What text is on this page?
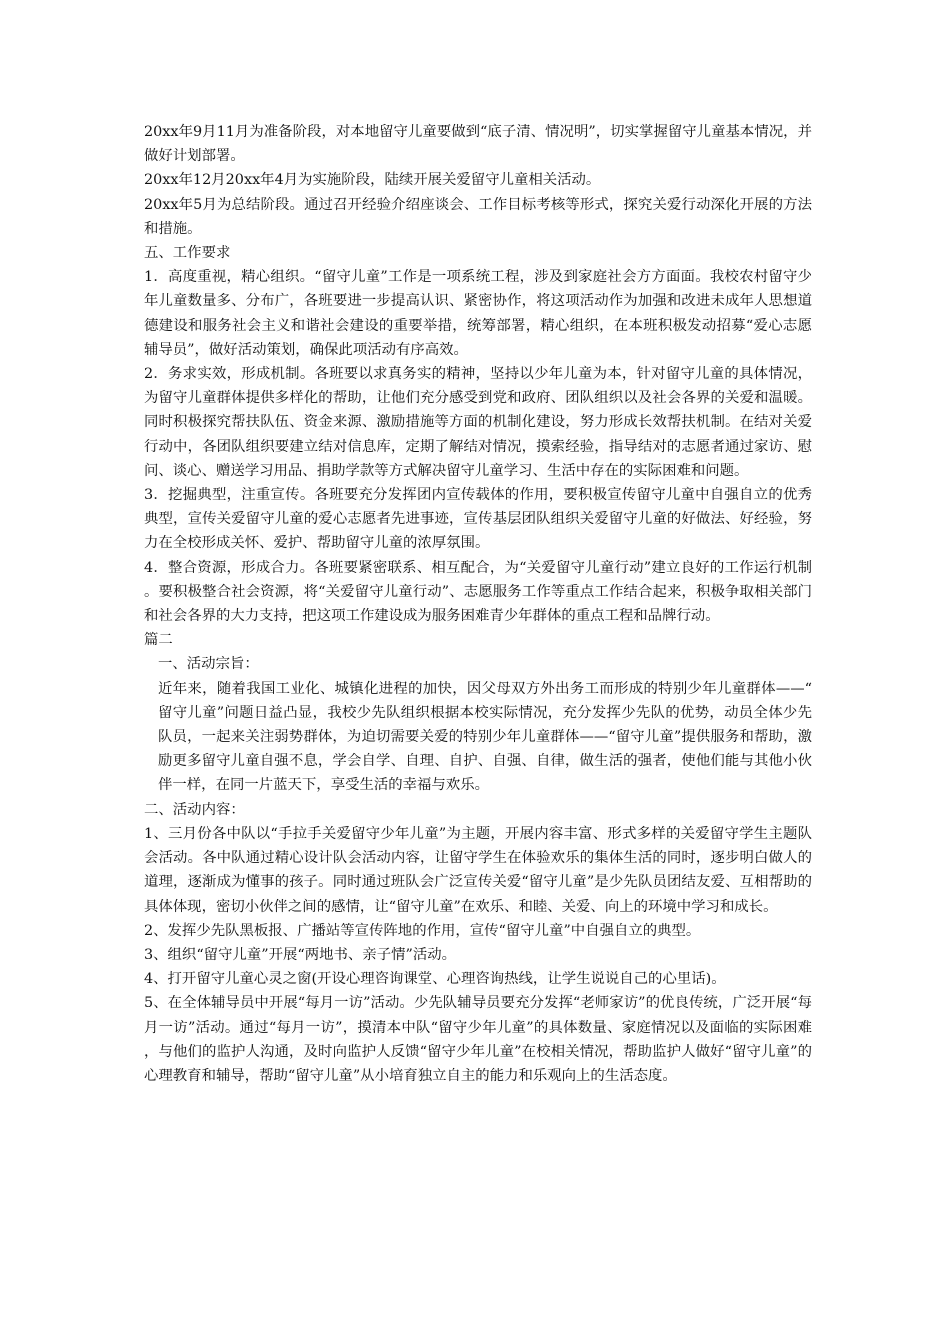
20xx年9月11月为准备阶段，对本地留守儿童要做到“底子清、情况明”，切实掌握留守儿童基本情况，并做好计划部署。

20xx年12月20xx年4月为实施阶段，陆续开展关爱留守儿童相关活动。

20xx年5月为总结阶段。通过召开经验介绍座谈会、工作目标考核等形式，探究关爱行动深化开展的方法和措施。

五、工作要求

1．高度重视，精心组织。“留守儿童”工作是一项系统工程，涉及到家庭社会方方面面。我校农村留守少年儿童数量多、分布广，各班要进一步提高认识、紧密协作，将这项活动作为加强和改进未成年人思想道德建设和服务社会主义和谐社会建设的重要举措，统筹部署，精心组织，在本班积极发动招募“爱心志愿辅导员”，做好活动策划，确保此项活动有序高效。

2．务求实效，形成机制。各班要以求真务实的精神，坚持以少年儿童为本，针对留守儿童的具体情况，为留守儿童群体提供多样化的帮助，让他们充分感受到党和政府、团队组织以及社会各界的关爱和温暖。同时积极探究帮扶队伍、资金来源、激励措施等方面的机制化建设，努力形成长效帮扶机制。在结对关爱行动中，各团队组织要建立结对信息库，定期了解结对情况，摸索经验，指导结对的志愿者通过家访、慰问、谈心、赠送学习用品、捐助学款等方式解决留守儿童学习、生活中存在的实际困难和问题。

3．挖掘典型，注重宣传。各班要充分发挥团内宣传载体的作用，要积极宣传留守儿童中自强自立的优秀典型，宣传关爱留守儿童的爱心志愿者先进事迹，宣传基层团队组织关爱留守儿童的好做法、好经验，努力在全校形成关怀、爱护、帮助留守儿童的浓厚氛围。

4．整合资源，形成合力。各班要紧密联系、相互配合，为“关爱留守儿童行动”建立良好的工作运行机制。要积极整合社会资源，将“关爱留守儿童行动”、志愿服务工作等重点工作结合起来，积极争取相关部门和社会各界的大力支持，把这项工作建设成为服务困难青少年群体的重点工程和品牌行动。

篇二

一、活动宗旨：

近年来，随着我国工业化、城镇化进程的加快，因父母双方外出务工而形成的特别少年儿童群体——“留守儿童”问题日益凸显，我校少先队组织根据本校实际情况，充分发挥少先队的优势，动员全体少先队员，一起来关注弱势群体，为迫切需要关爱的特别少年儿童群体——“留守儿童”提供服务和帮助，激励更多留守儿童自强不息，学会自学、自理、自护、自强、自律，做生活的强者，使他们能与其他小伙伴一样，在同一片蓝天下，享受生活的幸福与欢乐。

二、活动内容：

1、三月份各中队以“手拉手关爱留守少年儿童”为主题，开展内容丰富、形式多样的关爱留守学生主题队会活动。各中队通过精心设计队会活动内容，让留守学生在体验欢乐的集体生活的同时，逐步明白做人的道理，逐渐成为懂事的孩子。同时通过班队会广泛宣传关爱“留守儿童”是少先队员团结友爱、互相帮助的具体体现，密切小伙伴之间的感情，让“留守儿童”在欢乐、和睦、关爱、向上的环境中学习和成长。

2、发挥少先队黑板报、广播站等宣传阵地的作用，宣传“留守儿童”中自强自立的典型。

3、组织“留守儿童”开展“两地书、亲子情”活动。

4、打开留守儿童心灵之窗(开设心理咨询课堂、心理咨询热线，让学生说说自己的心里话)。

5、在全体辅导员中开展“每月一访”活动。少先队辅导员要充分发挥“老师家访”的优良传统，广泛开展“每月一访”活动。通过“每月一访”，摸清本中队“留守少年儿童”的具体数量、家庭情况以及面临的实际困难，与他们的监护人沟通，及时向监护人反馈“留守少年儿童”在校相关情况，帮助监护人做好“留守儿童”的心理教育和辅导，帮助“留守儿童”从小培育独立自主的能力和乐观向上的生活态度。
